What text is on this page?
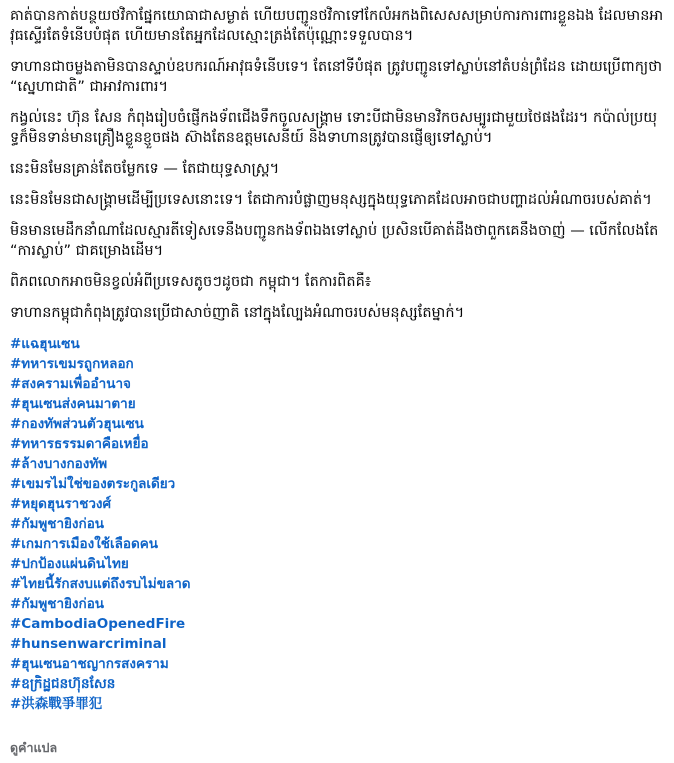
គាត់បានកាត់បន្ថយថវិកាផ្នែកយោធាជាសម្ងាត់ ហើយបញ្ជូនថវិកាទៅកែលំអកងពិសេសសម្រាប់ការការពារខ្លួនឯង ដែលមានអាវុធស្ទើរតែទំនើបបំផុត ហើយមានតែអ្នកដែលស្មោះត្រង់តែប៉ុណ្ណោះទទួលបាន។

ទាហានជាចម្លងតាមិនបានស្ទាប់ឧបករណ៍អាវុធទំនើបទេ។ តែនៅទីបំផុត ត្រូវបញ្ជូនទៅស្លាប់នៅតំបន់ព្រំដែន ដោយប្រើពាក្យថា “ស្នេហាជាតិ” ជាអាវការពារ។

កង្វល់នេះ ហ៊ុន សែន កំពុងរៀបចំផ្ញើកងទ័ពជើងទឹកចូលសង្គ្រាម ទោះបីជាមិនមានវិកចសម្បូរជាមួយថៃផងដែរ។ កប៉ាល់ប្រយុទ្ធក៏មិនទាន់មានគ្រឿងខ្លួនខ្ញួចផង ស៊ាងតែនឧត្តមសេនីយ៍ និងទាហានត្រូវបានផ្ញើឲ្យទៅស្លាប់។

នេះមិនមែនគ្រាន់តែចម្លែកទេ — តែជាយុទ្ធសាស្ត្រ។

នេះមិនមែនជាសង្គ្រាមដើម្បីប្រទេសនោះទេ។ តែជាការបំផ្លាញមនុស្សក្នុងយុទ្ធភោគដែលអាចជាបញ្ហាដល់អំណាចរបស់គាត់។

មិនមានមេដឹកនាំណាដែលស្មារតីទៀសទេនឹងបញ្ជូនកងទ័ពឯងទៅស្លាប់ ប្រសិនបើគាត់ដឹងថាពួកគេនឹងចាញ់ — លើកលែងតែ “ការស្លាប់” ជាគម្រោងដើម។

ពិភពលោកអាចមិនខ្វល់អំពីប្រទេសតូចៗដូចជា កម្ពុជា។ តែការពិតគឺ៖

ទាហានកម្ពុជាកំពុងត្រូវបានប្រើជាសាច់ញាតិ នៅក្នុងល្បែងអំណាចរបស់មនុស្សតែម្នាក់។

#แฉฮุนเซน
#ทหารเขมรถูกหลอก
#สงครามเพื่ออำนาจ
#ฮุนเซนส่งคนมาตาย
#กองทัพส่วนตัวฮุนเซน
#ทหารธรรมดาคือเหยื่อ
#ล้างบางกองทัพ
#เขมรไม่ใช่ของตระกูลเดียว
#หยุดฮุนราชวงศ์
#กัมพูชายิงก่อน
#เกมการเมืองใช้เลือดคน
#ปกป้องแผ่นดินไทย
#ไทยนี้รักสงบแต่ถึงรบไม่ขลาด
#กัมพูชายิงก่อน
#CambodiaOpenedFire
#hunsenwarcriminal
#ฮุนเซนอาชญากรสงคราม
#ឧក្រិដ្ឋជនហ៊ុនសែន
#洪森戰爭罪犯
ดูคำแปล
